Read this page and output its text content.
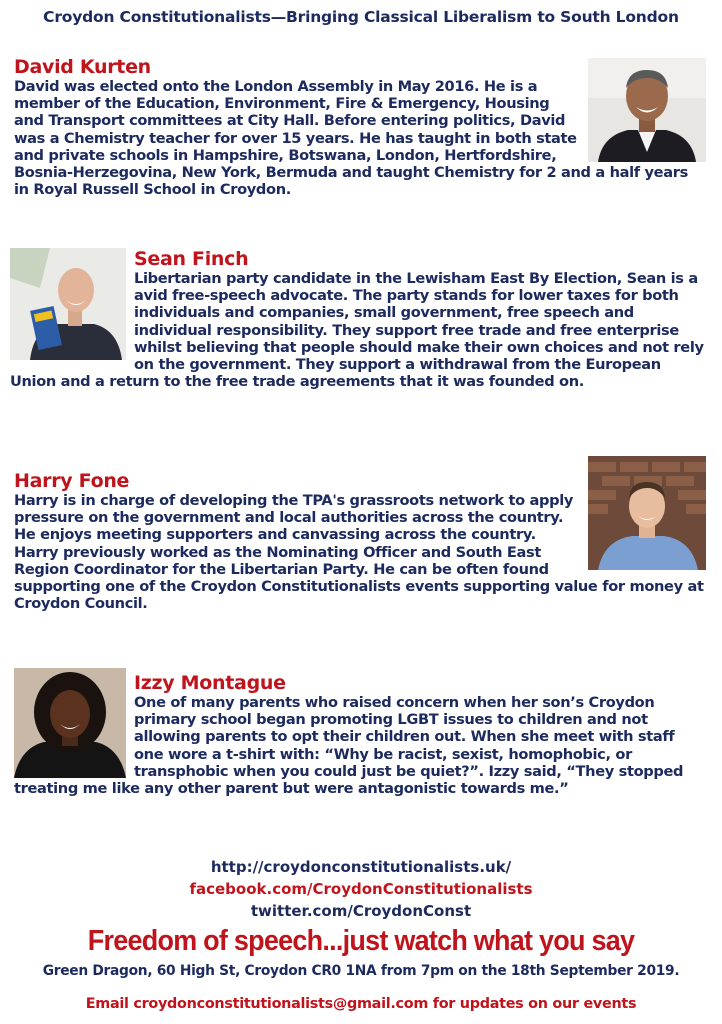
Croydon Constitutionalists—Bringing Classical Liberalism to South London
David Kurten
David was elected onto the London Assembly in May 2016. He is a member of the Education, Environment, Fire & Emergency, Housing and Transport committees at City Hall. Before entering politics, David was a Chemistry teacher for over 15 years. He has taught in both state and private schools in Hampshire, Botswana, London, Hertfordshire, Bosnia-Herzegovina, New York, Bermuda and taught Chemistry for 2 and a half years in Royal Russell School in Croydon.
Sean Finch
Libertarian party candidate in the Lewisham East By Election, Sean is a avid free-speech advocate. The party stands for lower taxes for both individuals and companies, small government, free speech and individual responsibility. They support free trade and free enterprise whilst believing that people should make their own choices and not rely on the government. They support a withdrawal from the European Union and a return to the free trade agreements that it was founded on.
Harry Fone
Harry is in charge of developing the TPA's grassroots network to apply pressure on the government and local authorities across the country. He enjoys meeting supporters and canvassing across the country. Harry previously worked as the Nominating Officer and South East Region Coordinator for the Libertarian Party. He can be often found supporting one of the Croydon Constitutionalists events supporting value for money at Croydon Council.
Izzy Montague
One of many parents who raised concern when her son’s Croydon primary school began promoting LGBT issues to children and not allowing parents to opt their children out. When she meet with staff one wore a t-shirt with: “Why be racist, sexist, homophobic, or transphobic when you could just be quiet?”. Izzy said, “They stopped treating me like any other parent but were antagonistic towards me.”
http://croydonconstitutionalists.uk/
facebook.com/CroydonConstitutionalists
twitter.com/CroydonConst
Freedom of speech...just watch what you say
Green Dragon, 60 High St, Croydon CR0 1NA from 7pm on the 18th September 2019.
Email croydonconstitutionalists@gmail.com for updates on our events
